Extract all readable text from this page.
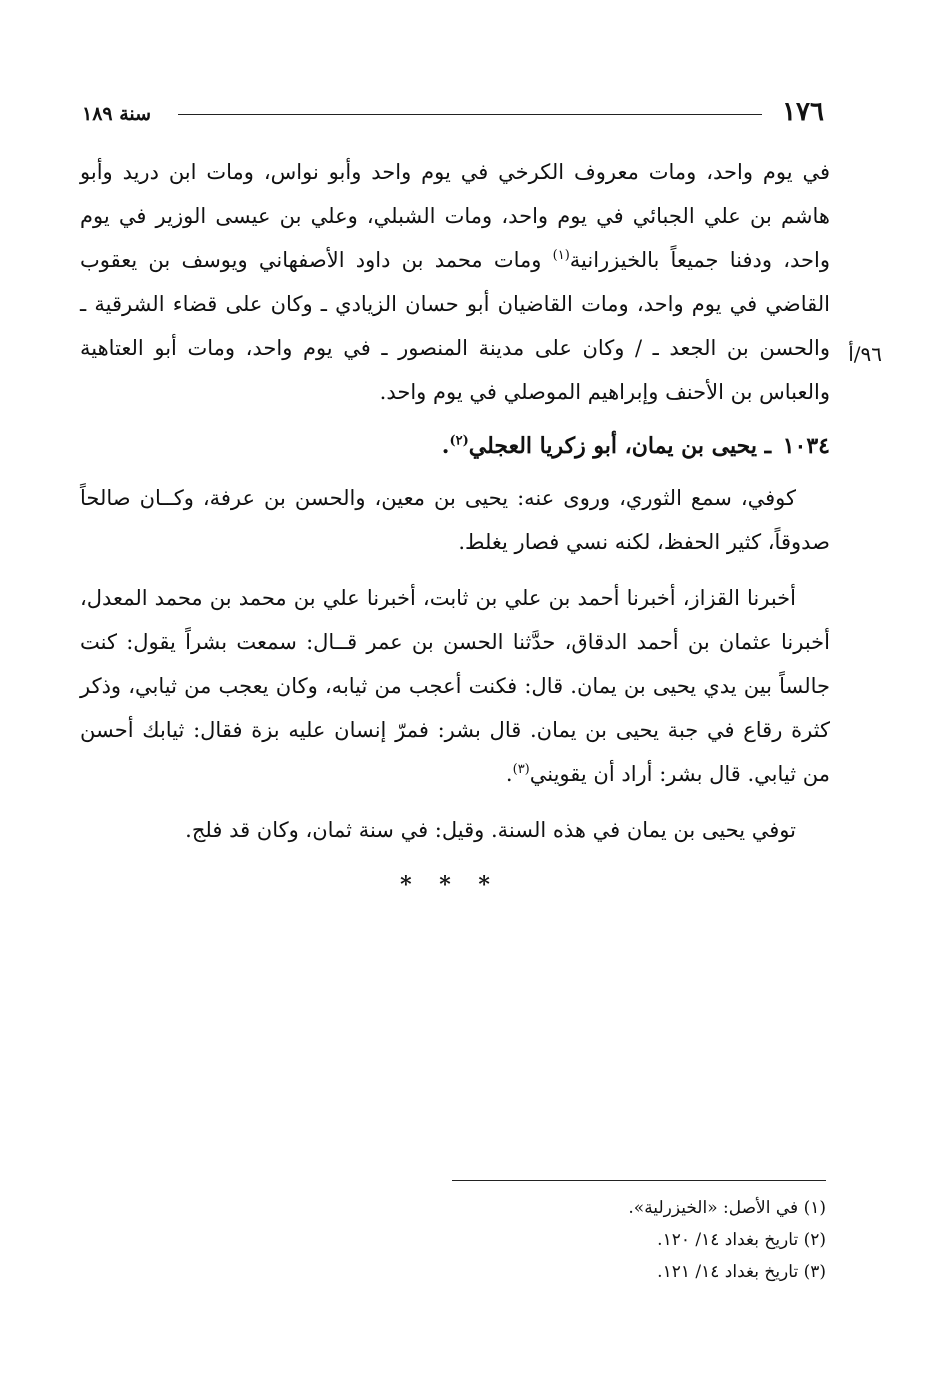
١٧٦
سنة ١٨٩
٩٦/أ

في يوم واحد، ومات معروف الكرخي في يوم واحد وأبو نواس، ومات ابن دريد وأبو هاشم بن علي الجبائي في يوم واحد، ومات الشبلي، وعلي بن عيسى الوزير في يوم واحد، ودفنا جميعاً بالخيزرانية$^{(١)}$ ومات محمد بن داود الأصفهاني ويوسف بن يعقوب القاضي في يوم واحد، ومات القاضيان أبو حسان الزيادي ـ وكان على قضاء الشرقية ـ والحسن بن الجعد ـ / وكان على مدينة المنصور ـ في يوم واحد، ومات أبو العتاهية والعباس بن الأحنف وإبراهيم الموصلي في يوم واحد.

١٠٣٤ ـ يحيى بن يمان، أبو زكريا العجلي$^{(٢)}$.

كوفي، سمع الثوري، وروى عنه: يحيى بن معين، والحسن بن عرفة، وكــان صالحاً صدوقاً، كثير الحفظ، لكنه نسي فصار يغلط.

أخبرنا القزاز، أخبرنا أحمد بن علي بن ثابت، أخبرنا علي بن محمد بن محمد المعدل، أخبرنا عثمان بن أحمد الدقاق، حدَّثنا الحسن بن عمر قــال: سمعت بشراً يقول: كنت جالساً بين يدي يحيى بن يمان. قال: فكنت أعجب من ثيابه، وكان يعجب من ثيابي، وذكر كثرة رقاع في جبة يحيى بن يمان. قال بشر: فمرّ إنسان عليه بزة فقال: ثيابك أحسن من ثيابي. قال بشر: أراد أن يقويني$^{(٣)}$.

توفي يحيى بن يمان في هذه السنة. وقيل: في سنة ثمان، وكان قد فلج.

* * *

(١) في الأصل: «الخيزرلية».

(٢) تاريخ بغداد ١٤/ ١٢٠.

(٣) تاريخ بغداد ١٤/ ١٢١.
